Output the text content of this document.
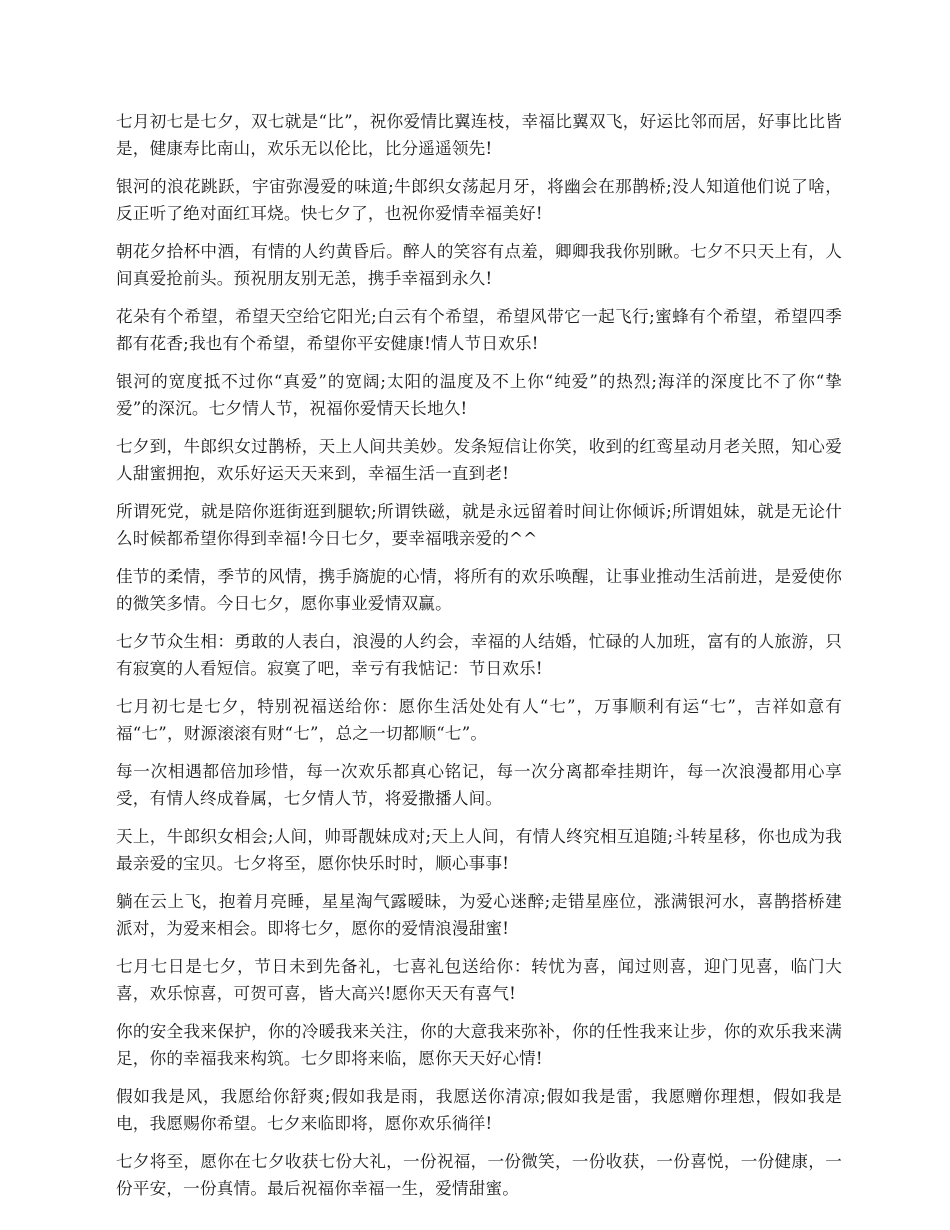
七月初七是七夕，双七就是“比”，祝你爱情比翼连枝，幸福比翼双飞，好运比邻而居，好事比比皆是，健康寿比南山，欢乐无以伦比，比分遥遥领先!

银河的浪花跳跃，宇宙弥漫爱的味道;牛郎织女荡起月牙，将幽会在那鹊桥;没人知道他们说了啥，反正听了绝对面红耳烧。快七夕了，也祝你爱情幸福美好!

朝花夕拾杯中酒，有情的人约黄昏后。醉人的笑容有点羞，卿卿我我你别瞅。七夕不只天上有，人间真爱抢前头。预祝朋友别无恙，携手幸福到永久!

花朵有个希望，希望天空给它阳光;白云有个希望，希望风带它一起飞行;蜜蜂有个希望，希望四季都有花香;我也有个希望，希望你平安健康!情人节日欢乐!

银河的宽度抵不过你“真爱”的宽阔;太阳的温度及不上你“纯爱”的热烈;海洋的深度比不了你“挚爱”的深沉。七夕情人节，祝福你爱情天长地久!

七夕到，牛郎织女过鹊桥，天上人间共美妙。发条短信让你笑，收到的红鸾星动月老关照，知心爱人甜蜜拥抱，欢乐好运天天来到，幸福生活一直到老!

所谓死党，就是陪你逛街逛到腿软;所谓铁磁，就是永远留着时间让你倾诉;所谓姐妹，就是无论什么时候都希望你得到幸福!今日七夕，要幸福哦亲爱的^^

佳节的柔情，季节的风情，携手旖旎的心情，将所有的欢乐唤醒，让事业推动生活前进，是爱使你的微笑多情。今日七夕，愿你事业爱情双赢。

七夕节众生相：勇敢的人表白，浪漫的人约会，幸福的人结婚，忙碌的人加班，富有的人旅游，只有寂寞的人看短信。寂寞了吧，幸亏有我惦记：节日欢乐!

七月初七是七夕，特别祝福送给你：愿你生活处处有人“七”，万事顺利有运“七”，吉祥如意有福“七”，财源滚滚有财“七”，总之一切都顺“七”。

每一次相遇都倍加珍惜，每一次欢乐都真心铭记，每一次分离都牵挂期许，每一次浪漫都用心享受，有情人终成眷属，七夕情人节，将爱撒播人间。

天上，牛郎织女相会;人间，帅哥靓妹成对;天上人间，有情人终究相互追随;斗转星移，你也成为我最亲爱的宝贝。七夕将至，愿你快乐时时，顺心事事!

躺在云上飞，抱着月亮睡，星星淘气露暧昧，为爱心迷醉;走错星座位，涨满银河水，喜鹊搭桥建派对，为爱来相会。即将七夕，愿你的爱情浪漫甜蜜!

七月七日是七夕，节日未到先备礼，七喜礼包送给你：转忧为喜，闻过则喜，迎门见喜，临门大喜，欢乐惊喜，可贺可喜，皆大高兴!愿你天天有喜气!

你的安全我来保护，你的冷暖我来关注，你的大意我来弥补，你的任性我来让步，你的欢乐我来满足，你的幸福我来构筑。七夕即将来临，愿你天天好心情!

假如我是风，我愿给你舒爽;假如我是雨，我愿送你清凉;假如我是雷，我愿赠你理想，假如我是电，我愿赐你希望。七夕来临即将，愿你欢乐徜徉!

七夕将至，愿你在七夕收获七份大礼，一份祝福，一份微笑，一份收获，一份喜悦，一份健康，一份平安，一份真情。最后祝福你幸福一生，爱情甜蜜。
